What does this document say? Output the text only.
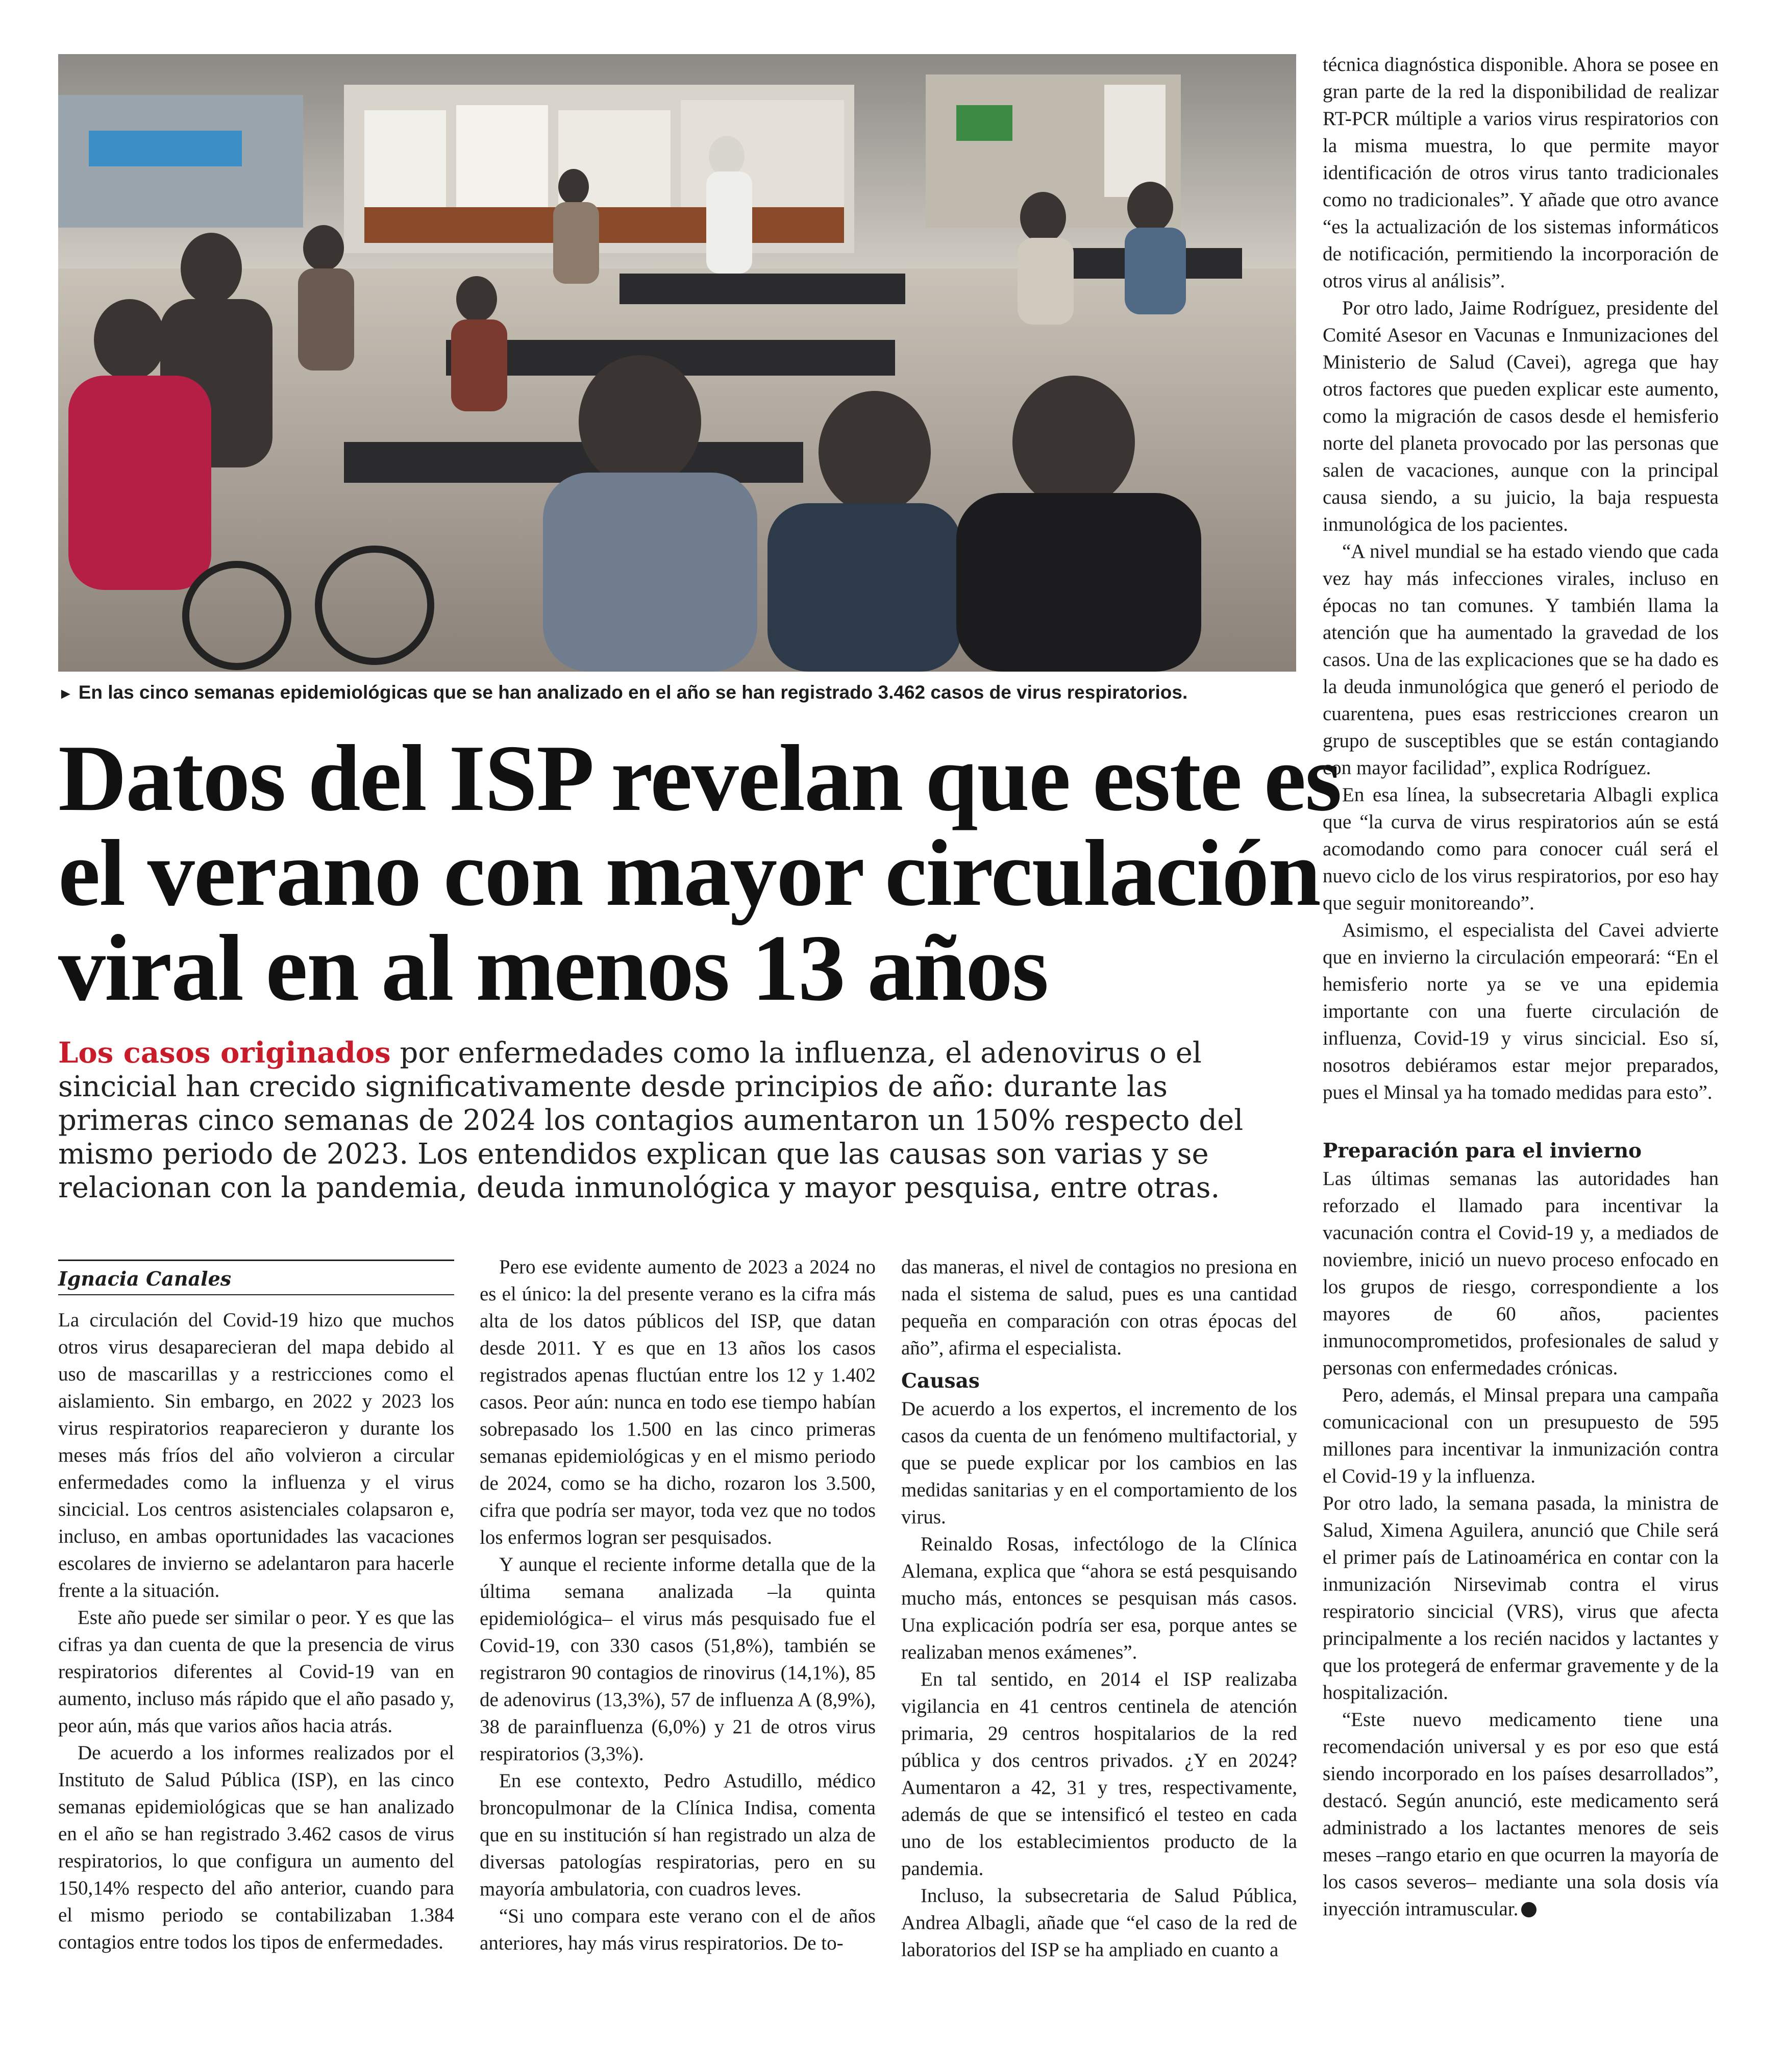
► En las cinco semanas epidemiológicas que se han analizado en el año se han registrado 3.462 casos de virus respiratorios.
Datos del ISP revelan que este es
el verano con mayor circulación
viral en al menos 13 años
Los casos originados por enfermedades como la influenza, el adenovirus o el sincicial han crecido significativamente desde principios de año: durante las primeras cinco semanas de 2024 los contagios aumentaron un 150% respecto del mismo periodo de 2023. Los entendidos explican que las causas son varias y se relacionan con la pandemia, deuda inmunológica y mayor pesquisa, entre otras.
Ignacia Canales

La circulación del Covid-19 hizo que muchos otros virus desaparecieran del mapa debido al uso de mascarillas y a restricciones como el aislamiento. Sin embargo, en 2022 y 2023 los virus respiratorios reaparecieron y durante los meses más fríos del año volvieron a circular enfermedades como la influenza y el virus sincicial. Los centros asistenciales colapsaron e, incluso, en ambas oportunidades las vacaciones escolares de invierno se adelantaron para hacerle frente a la situación.

Este año puede ser similar o peor. Y es que las cifras ya dan cuenta de que la presencia de virus respiratorios diferentes al Covid-19 van en aumento, incluso más rápido que el año pasado y, peor aún, más que varios años hacia atrás.

De acuerdo a los informes realizados por el Instituto de Salud Pública (ISP), en las cinco semanas epidemiológicas que se han analizado en el año se han registrado 3.462 casos de virus respiratorios, lo que configura un aumento del 150,14% respecto del año anterior, cuando para el mismo periodo se contabilizaban 1.384 contagios entre todos los tipos de enfermedades.

Pero ese evidente aumento de 2023 a 2024 no es el único: la del presente verano es la cifra más alta de los datos públicos del ISP, que datan desde 2011. Y es que en 13 años los casos registrados apenas fluctúan entre los 12 y 1.402 casos. Peor aún: nunca en todo ese tiempo habían sobrepasado los 1.500 en las cinco primeras semanas epidemiológicas y en el mismo periodo de 2024, como se ha dicho, rozaron los 3.500, cifra que podría ser mayor, toda vez que no todos los enfermos logran ser pesquisados.

Y aunque el reciente informe detalla que de la última semana analizada –la quinta epidemiológica– el virus más pesquisado fue el Covid-19, con 330 casos (51,8%), también se registraron 90 contagios de rinovirus (14,1%), 85 de adenovirus (13,3%), 57 de influenza A (8,9%), 38 de parainfluenza (6,0%) y 21 de otros virus respiratorios (3,3%).

En ese contexto, Pedro Astudillo, médico broncopulmonar de la Clínica Indisa, comenta que en su institución sí han registrado un alza de diversas patologías respiratorias, pero en su mayoría ambulatoria, con cuadros leves.

“Si uno compara este verano con el de años anteriores, hay más virus respiratorios. De to-

das maneras, el nivel de contagios no presiona en nada el sistema de salud, pues es una cantidad pequeña en comparación con otras épocas del año”, afirma el especialista.

Causas

De acuerdo a los expertos, el incremento de los casos da cuenta de un fenómeno multifactorial, y que se puede explicar por los cambios en las medidas sanitarias y en el comportamiento de los virus.

Reinaldo Rosas, infectólogo de la Clínica Alemana, explica que “ahora se está pesquisando mucho más, entonces se pesquisan más casos. Una explicación podría ser esa, porque antes se realizaban menos exámenes”.

En tal sentido, en 2014 el ISP realizaba vigilancia en 41 centros centinela de atención primaria, 29 centros hospitalarios de la red pública y dos centros privados. ¿Y en 2024? Aumentaron a 42, 31 y tres, respectivamente, además de que se intensificó el testeo en cada uno de los establecimientos producto de la pandemia.

Incluso, la subsecretaria de Salud Pública, Andrea Albagli, añade que “el caso de la red de laboratorios del ISP se ha ampliado en cuanto a

técnica diagnóstica disponible. Ahora se posee en gran parte de la red la disponibilidad de realizar RT-PCR múltiple a varios virus respiratorios con la misma muestra, lo que permite mayor identificación de otros virus tanto tradicionales como no tradicionales”. Y añade que otro avance “es la actualización de los sistemas informáticos de notificación, permitiendo la incorporación de otros virus al análisis”.

Por otro lado, Jaime Rodríguez, presidente del Comité Asesor en Vacunas e Inmunizaciones del Ministerio de Salud (Cavei), agrega que hay otros factores que pueden explicar este aumento, como la migración de casos desde el hemisferio norte del planeta provocado por las personas que salen de vacaciones, aunque con la principal causa siendo, a su juicio, la baja respuesta inmunológica de los pacientes.

“A nivel mundial se ha estado viendo que cada vez hay más infecciones virales, incluso en épocas no tan comunes. Y también llama la atención que ha aumentado la gravedad de los casos. Una de las explicaciones que se ha dado es la deuda inmunológica que generó el periodo de cuarentena, pues esas restricciones crearon un grupo de susceptibles que se están contagiando con mayor facilidad”, explica Rodríguez.

En esa línea, la subsecretaria Albagli explica que “la curva de virus respiratorios aún se está acomodando como para conocer cuál será el nuevo ciclo de los virus respiratorios, por eso hay que seguir monitoreando”.

Asimismo, el especialista del Cavei advierte que en invierno la circulación empeorará: “En el hemisferio norte ya se ve una epidemia importante con una fuerte circulación de influenza, Covid-19 y virus sincicial. Eso sí, nosotros debiéramos estar mejor preparados, pues el Minsal ya ha tomado medidas para esto”.

Preparación para el invierno

Las últimas semanas las autoridades han reforzado el llamado para incentivar la vacunación contra el Covid-19 y, a mediados de noviembre, inició un nuevo proceso enfocado en los grupos de riesgo, correspondiente a los mayores de 60 años, pacientes inmunocomprometidos, profesionales de salud y personas con enfermedades crónicas.

Pero, además, el Minsal prepara una campaña comunicacional con un presupuesto de 595 millones para incentivar la inmunización contra el Covid-19 y la influenza.

Por otro lado, la semana pasada, la ministra de Salud, Ximena Aguilera, anunció que Chile será el primer país de Latinoamérica en contar con la inmunización Nirsevimab contra el virus respiratorio sincicial (VRS), virus que afecta principalmente a los recién nacidos y lactantes y que los protegerá de enfermar gravemente y de la hospitalización.

“Este nuevo medicamento tiene una recomendación universal y es por eso que está siendo incorporado en los países desarrollados”, destacó. Según anunció, este medicamento será administrado a los lactantes menores de seis meses –rango etario en que ocurren la mayoría de los casos severos– mediante una sola dosis vía inyección intramuscular.
